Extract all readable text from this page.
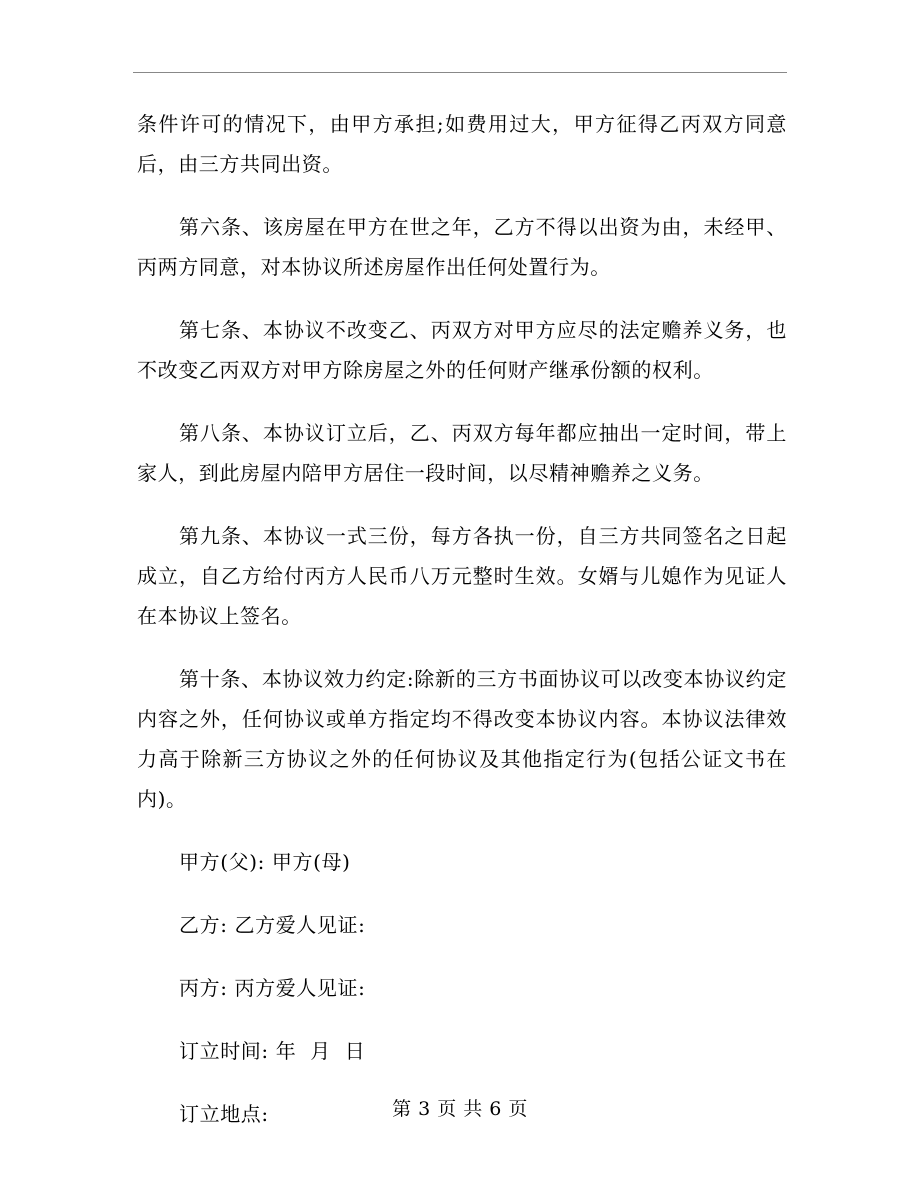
条件许可的情况下，由甲方承担;如费用过大，甲方征得乙丙双方同意后，由三方共同出资。

第六条、该房屋在甲方在世之年，乙方不得以出资为由，未经甲、丙两方同意，对本协议所述房屋作出任何处置行为。

第七条、本协议不改变乙、丙双方对甲方应尽的法定赡养义务，也不改变乙丙双方对甲方除房屋之外的任何财产继承份额的权利。

第八条、本协议订立后，乙、丙双方每年都应抽出一定时间，带上家人，到此房屋内陪甲方居住一段时间，以尽精神赡养之义务。

第九条、本协议一式三份，每方各执一份，自三方共同签名之日起成立，自乙方给付丙方人民币八万元整时生效。女婿与儿媳作为见证人在本协议上签名。

第十条、本协议效力约定:除新的三方书面协议可以改变本协议约定内容之外，任何协议或单方指定均不得改变本协议内容。本协议法律效力高于除新三方协议之外的任何协议及其他指定行为(包括公证文书在内)。

甲方(父): 甲方(母)

乙方: 乙方爱人见证:

丙方: 丙方爱人见证:

订立时间: 年  月  日

订立地点:	第 3 页 共 6 页
